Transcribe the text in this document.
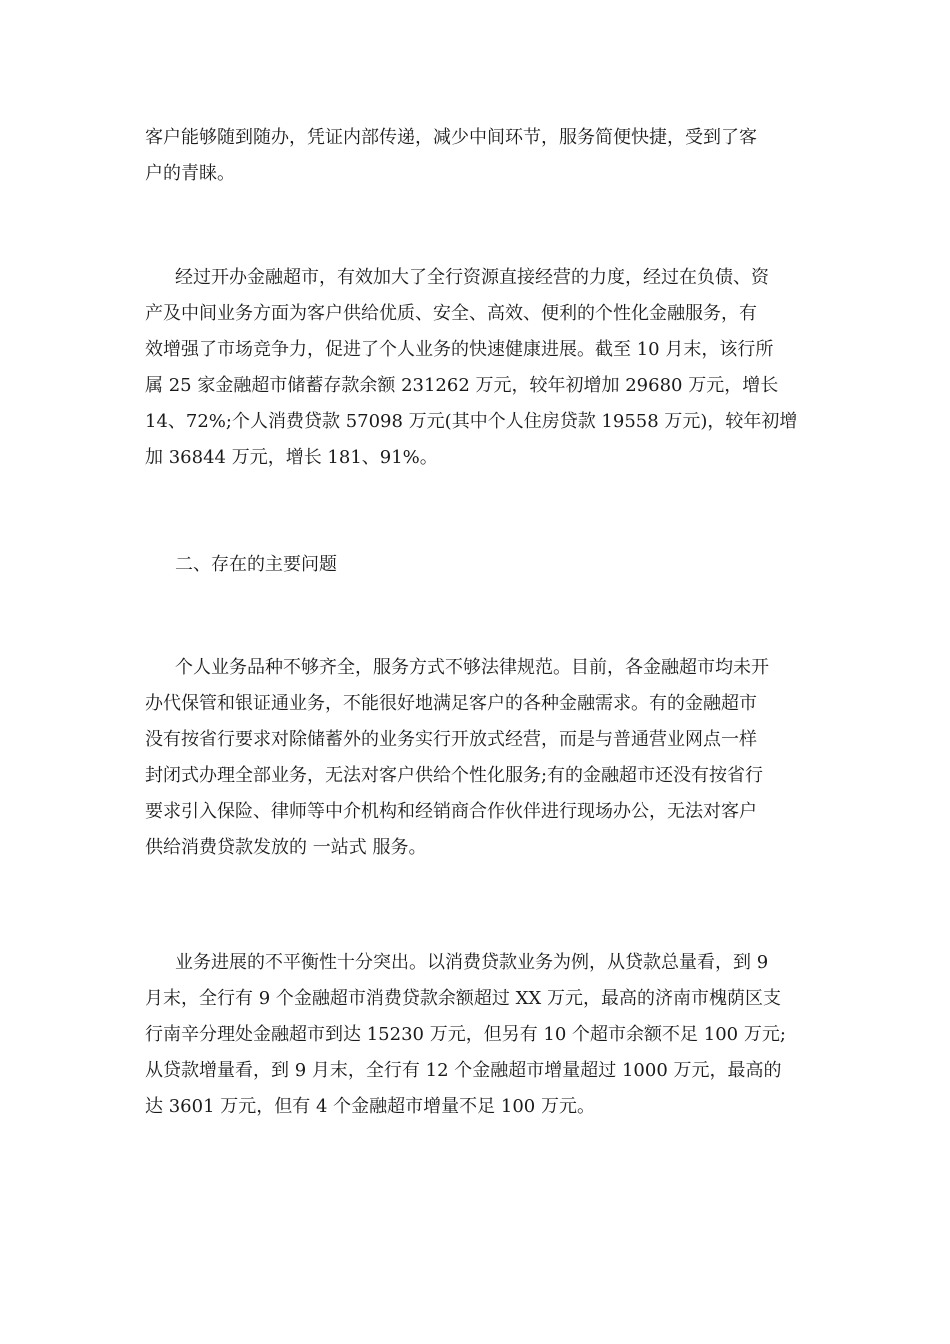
客户能够随到随办，凭证内部传递，减少中间环节，服务简便快捷，受到了客
户的青睐。
经过开办金融超市，有效加大了全行资源直接经营的力度，经过在负债、资
产及中间业务方面为客户供给优质、安全、高效、便利的个性化金融服务，有
效增强了市场竞争力，促进了个人业务的快速健康进展。截至 10 月末，该行所
属 25 家金融超市储蓄存款余额 231262 万元，较年初增加 29680 万元，增长
14、72%;个人消费贷款 57098 万元(其中个人住房贷款 19558 万元)，较年初增
加 36844 万元，增长 181、91%。
二、存在的主要问题
个人业务品种不够齐全，服务方式不够法律规范。目前，各金融超市均未开
办代保管和银证通业务，不能很好地满足客户的各种金融需求。有的金融超市
没有按省行要求对除储蓄外的业务实行开放式经营，而是与普通营业网点一样
封闭式办理全部业务，无法对客户供给个性化服务;有的金融超市还没有按省行
要求引入保险、律师等中介机构和经销商合作伙伴进行现场办公，无法对客户
供给消费贷款发放的 一站式 服务。
业务进展的不平衡性十分突出。以消费贷款业务为例，从贷款总量看，到 9
月末，全行有 9 个金融超市消费贷款余额超过 XX 万元，最高的济南市槐荫区支
行南辛分理处金融超市到达 15230 万元，但另有 10 个超市余额不足 100 万元;
从贷款增量看，到 9 月末，全行有 12 个金融超市增量超过 1000 万元，最高的
达 3601 万元，但有 4 个金融超市增量不足 100 万元。
